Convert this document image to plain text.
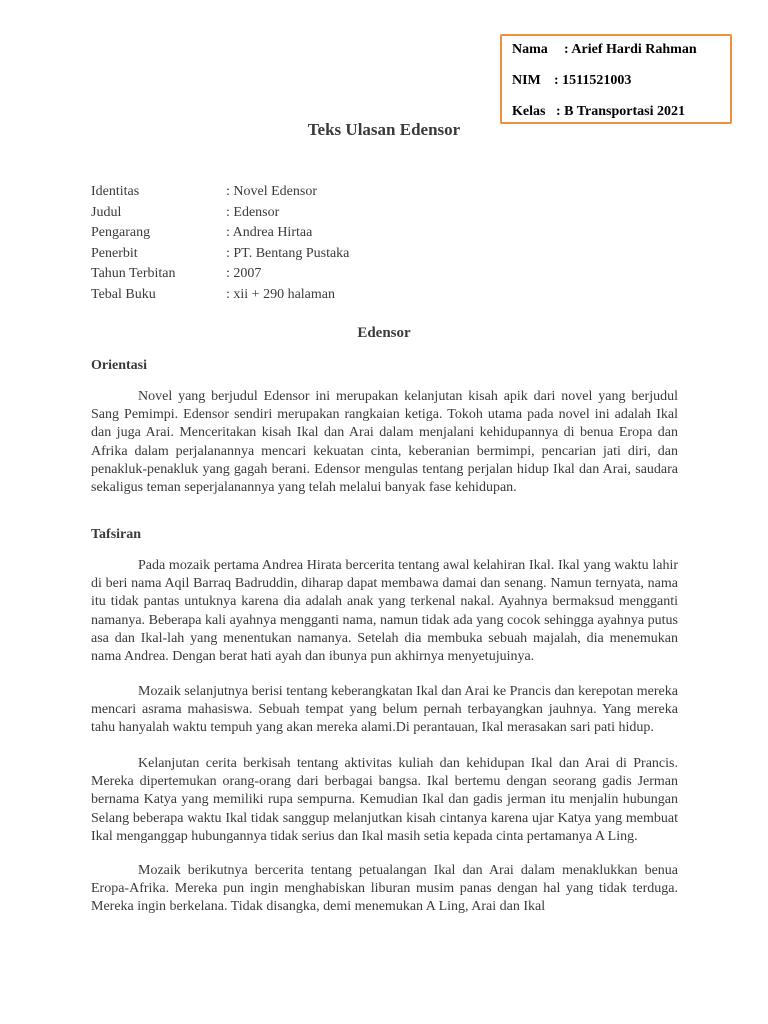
Nama : Arief Hardi Rahman
NIM : 1511521003
Kelas : B Transportasi 2021
Teks Ulasan Edensor
Identitas	: Novel Edensor
Judul	: Edensor
Pengarang	: Andrea Hirtaa
Penerbit	: PT. Bentang Pustaka
Tahun Terbitan	: 2007
Tebal Buku	: xii + 290 halaman
Edensor
Orientasi

Novel yang berjudul Edensor ini merupakan kelanjutan kisah apik dari novel yang berjudul Sang Pemimpi. Edensor sendiri merupakan rangkaian ketiga. Tokoh utama pada novel ini adalah Ikal dan juga Arai. Menceritakan kisah Ikal dan Arai dalam menjalani kehidupannya di benua Eropa dan Afrika dalam perjalanannya mencari kekuatan cinta, keberanian bermimpi, pencarian jati diri, dan penakluk-penakluk yang gagah berani. Edensor mengulas tentang perjalan hidup Ikal dan Arai, saudara sekaligus teman seperjalanannya yang telah melalui banyak fase kehidupan.

Tafsiran

Pada mozaik pertama Andrea Hirata bercerita tentang awal kelahiran Ikal. Ikal yang waktu lahir di beri nama Aqil Barraq Badruddin, diharap dapat membawa damai dan senang. Namun ternyata, nama itu tidak pantas untuknya karena dia adalah anak yang terkenal nakal. Ayahnya bermaksud mengganti namanya. Beberapa kali ayahnya mengganti nama, namun tidak ada yang cocok sehingga ayahnya putus asa dan Ikal-lah yang menentukan namanya. Setelah dia membuka sebuah majalah, dia menemukan nama Andrea. Dengan berat hati ayah dan ibunya pun akhirnya menyetujuinya.

Mozaik selanjutnya berisi tentang keberangkatan Ikal dan Arai ke Prancis dan kerepotan mereka mencari asrama mahasiswa. Sebuah tempat yang belum pernah terbayangkan jauhnya. Yang mereka tahu hanyalah waktu tempuh yang akan mereka alami.Di perantauan, Ikal merasakan sari pati hidup.

Kelanjutan cerita berkisah tentang aktivitas kuliah dan kehidupan Ikal dan Arai di Prancis. Mereka dipertemukan orang-orang dari berbagai bangsa. Ikal bertemu dengan seorang gadis Jerman bernama Katya yang memiliki rupa sempurna. Kemudian Ikal dan gadis jerman itu menjalin hubungan Selang beberapa waktu Ikal tidak sanggup melanjutkan kisah cintanya karena ujar Katya yang membuat Ikal menganggap hubungannya tidak serius dan Ikal masih setia kepada cinta pertamanya A Ling.

Mozaik berikutnya bercerita tentang petualangan Ikal dan Arai dalam menaklukkan benua Eropa-Afrika. Mereka pun ingin menghabiskan liburan musim panas dengan hal yang tidak terduga. Mereka ingin berkelana. Tidak disangka, demi menemukan A Ling, Arai dan Ikal
